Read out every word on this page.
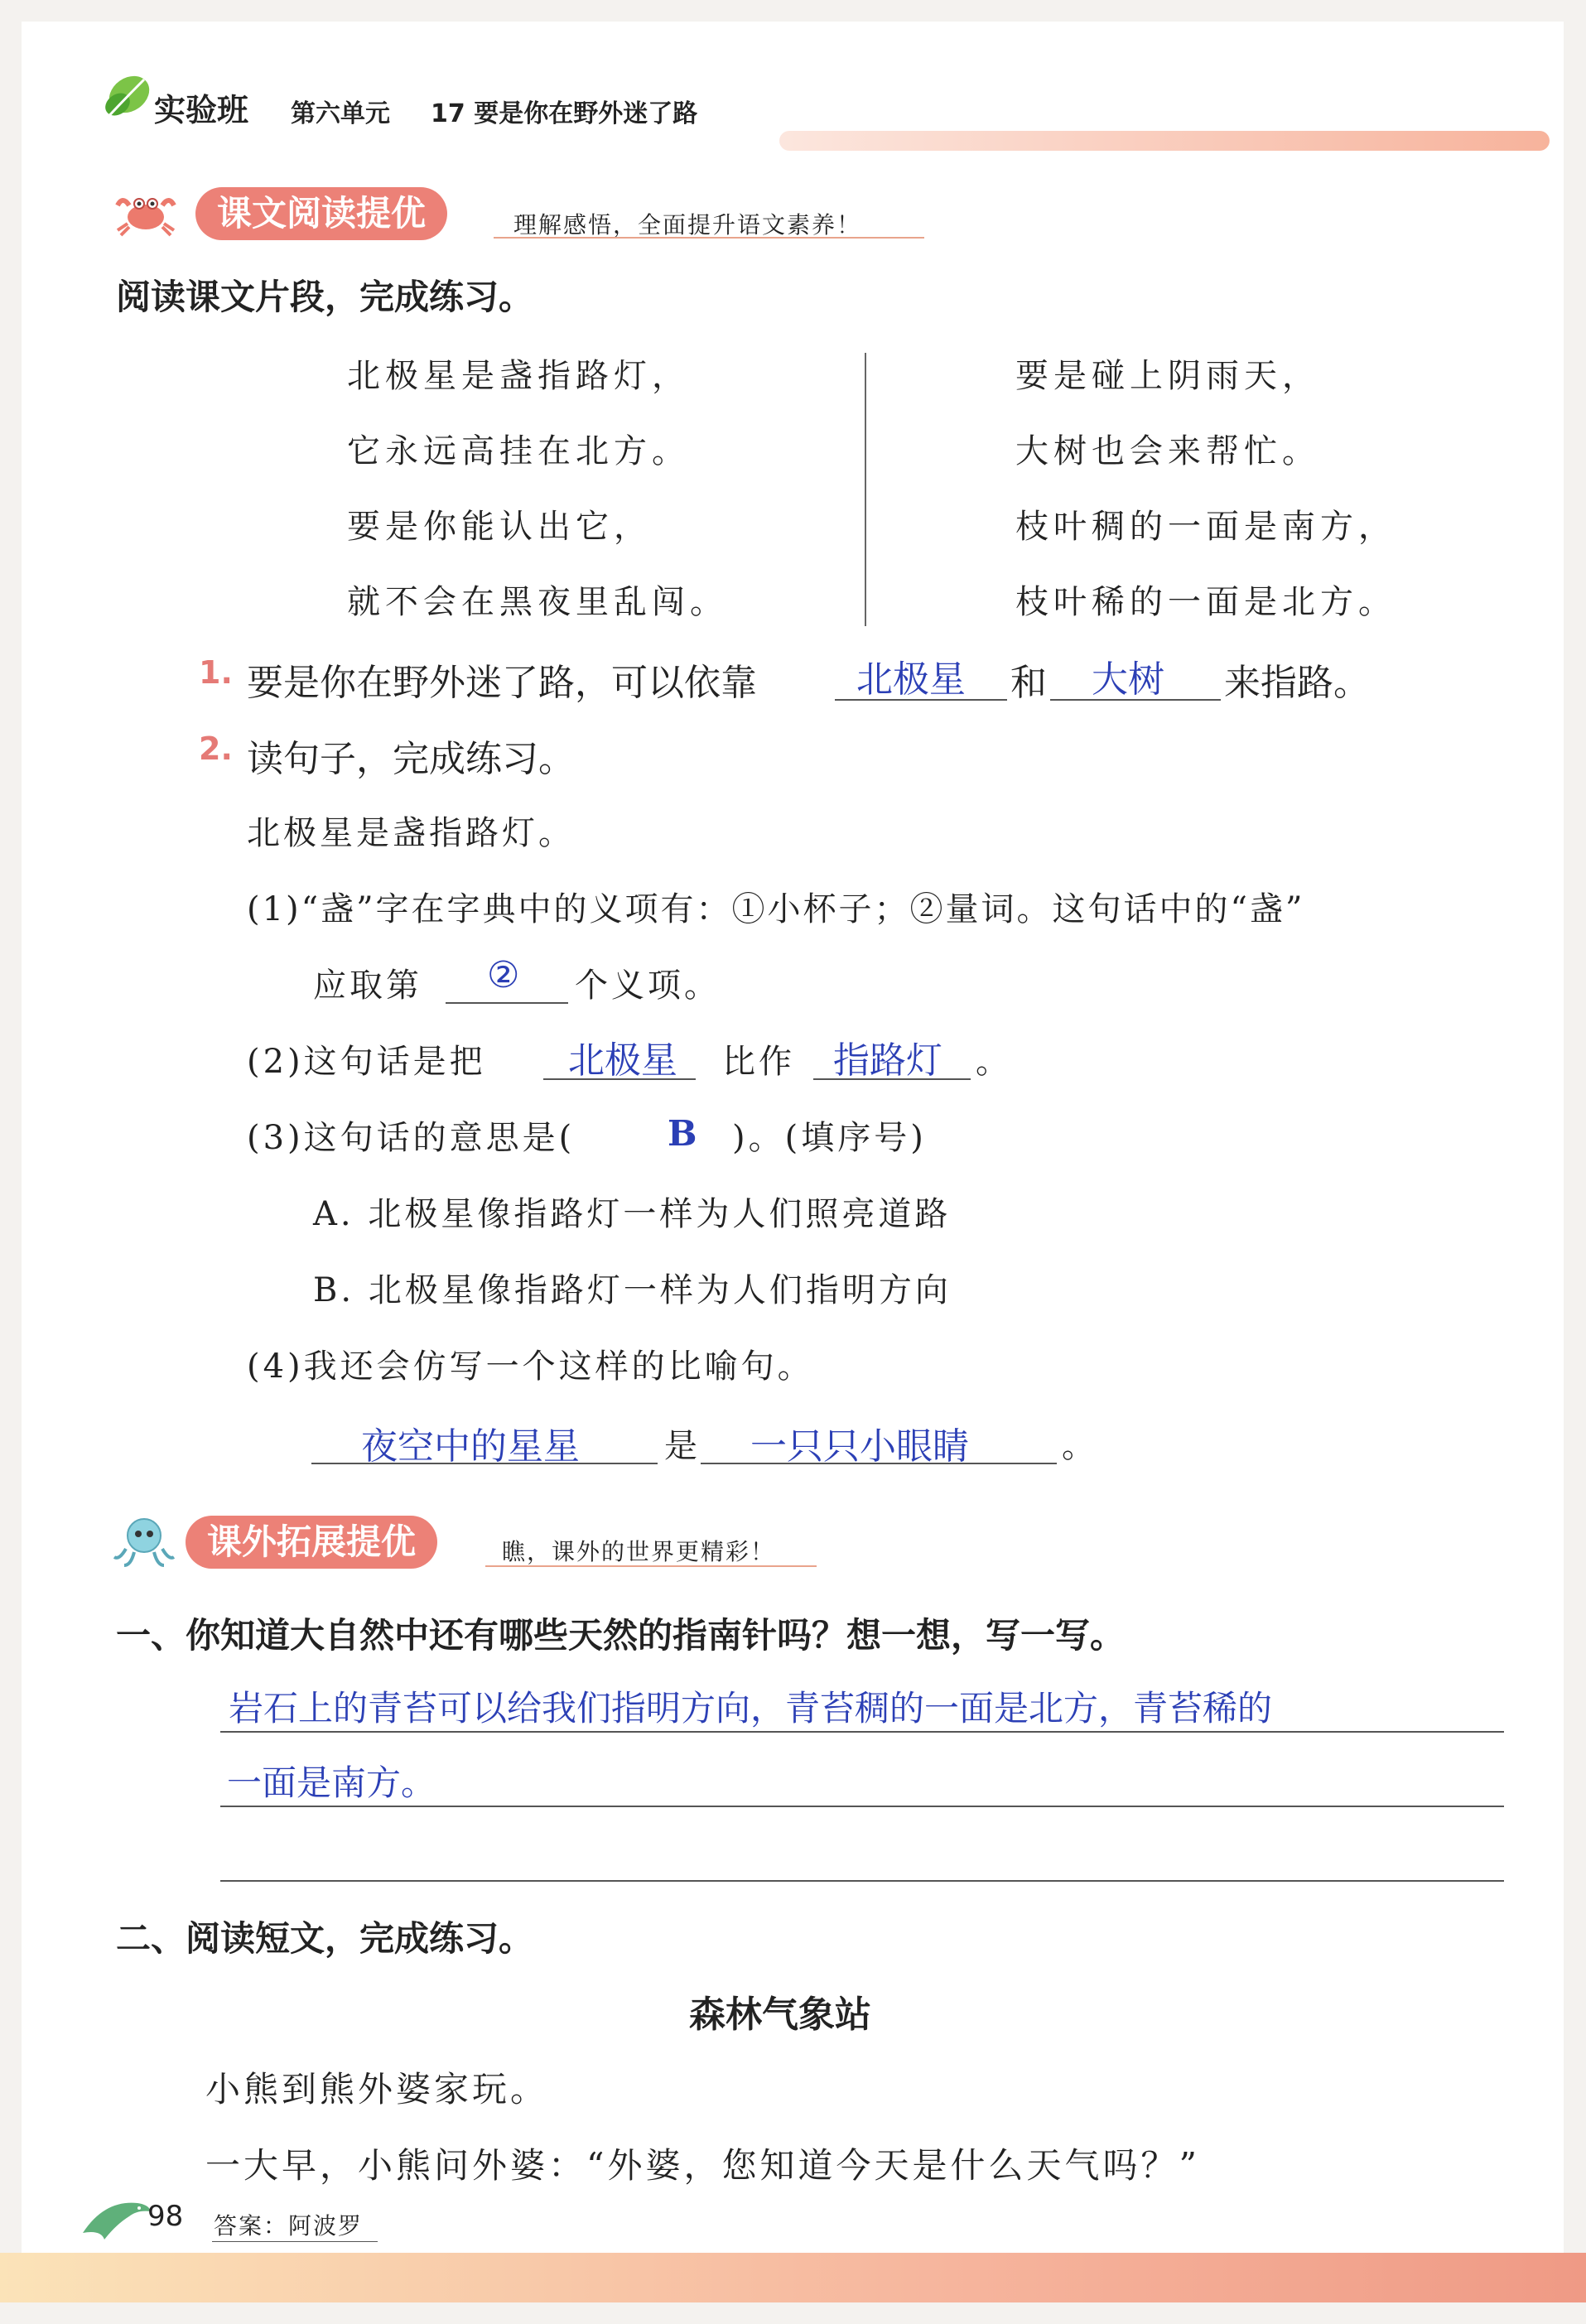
实验班 第六单元 17 要是你在野外迷了路
课文阅读提优	理解感悟，全面提升语文素养！
阅读课文片段，完成练习。
北极星是盏指路灯，
它永远高挂在北方。
要是你能认出它，
就不会在黑夜里乱闯。
要是碰上阴雨天，
大树也会来帮忙。
枝叶稠的一面是南方，
枝叶稀的一面是北方。
1. 要是你在野外迷了路，可以依靠	北极星 和 大树 来指路。
2. 读句子，完成练习。
北极星是盏指路灯。
(1)“盏”字在字典中的义项有：①小杯子；②量词。这句话中的“盏”
应取第 ② 个义项。
(2)这句话是把 北极星 比作 指路灯 。
(3)这句话的意思是(	B )。(填序号)
A. 北极星像指路灯一样为人们照亮道路
B. 北极星像指路灯一样为人们指明方向
(4)我还会仿写一个这样的比喻句。
夜空中的星星	是 一只只小眼睛	。
课外拓展提优	瞧，课外的世界更精彩！
一、你知道大自然中还有哪些天然的指南针吗？想一想，写一写。
岩石上的青苔可以给我们指明方向，青苔稠的一面是北方，青苔稀的
一面是南方。
二、阅读短文，完成练习。
森林气象站
小熊到熊外婆家玩。
一大早，小熊问外婆：“外婆，您知道今天是什么天气吗？”
98 答案：阿波罗
